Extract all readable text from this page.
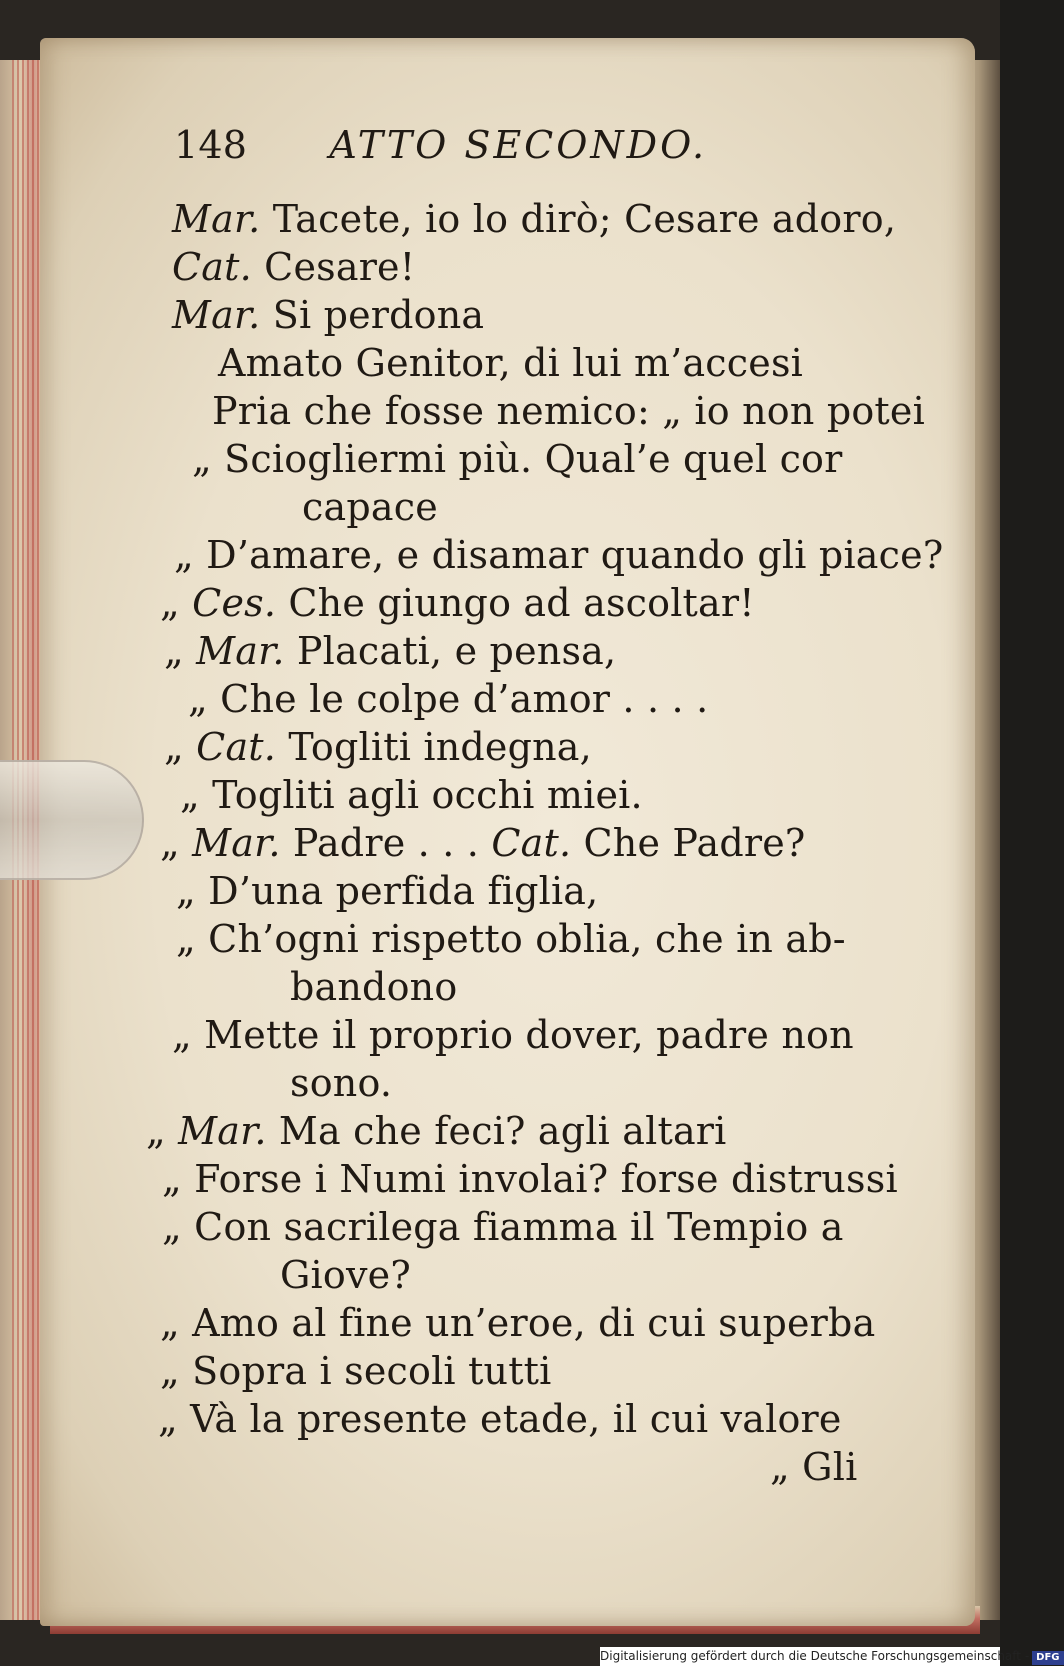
148 ATTO SECONDO.
Mar. Tacete, io lo dirò; Cesare adoro,
Cat. Cesare!
Mar. Si perdona
Amato Genitor, di lui m’accesi
Pria che fosse nemico: „ io non potei
„ Sciogliermi più. Qual’e quel cor
capace
„ D’amare, e disamar quando gli piace?
„ Ces. Che giungo ad ascoltar!
„ Mar. Placati, e pensa,
„ Che le colpe d’amor . . . .
„ Cat. Togliti indegna,
„ Togliti agli occhi miei.
„ Mar. Padre . . . Cat. Che Padre?
„ D’una perfida figlia,
„ Ch’ogni rispetto oblia, che in ab-
bandono
„ Mette il proprio dover, padre non
sono.
„ Mar. Ma che feci? agli altari
„ Forse i Numi involai? forse distrussi
„ Con sacrilega fiamma il Tempio a
Giove?
„ Amo al fine un’eroe, di cui superba
„ Sopra i secoli tutti
„ Và la presente etade, il cui valore
„ Gli
Digitalisierung gefördert durch die Deutsche Forschungsgemeinschaft - DFG
